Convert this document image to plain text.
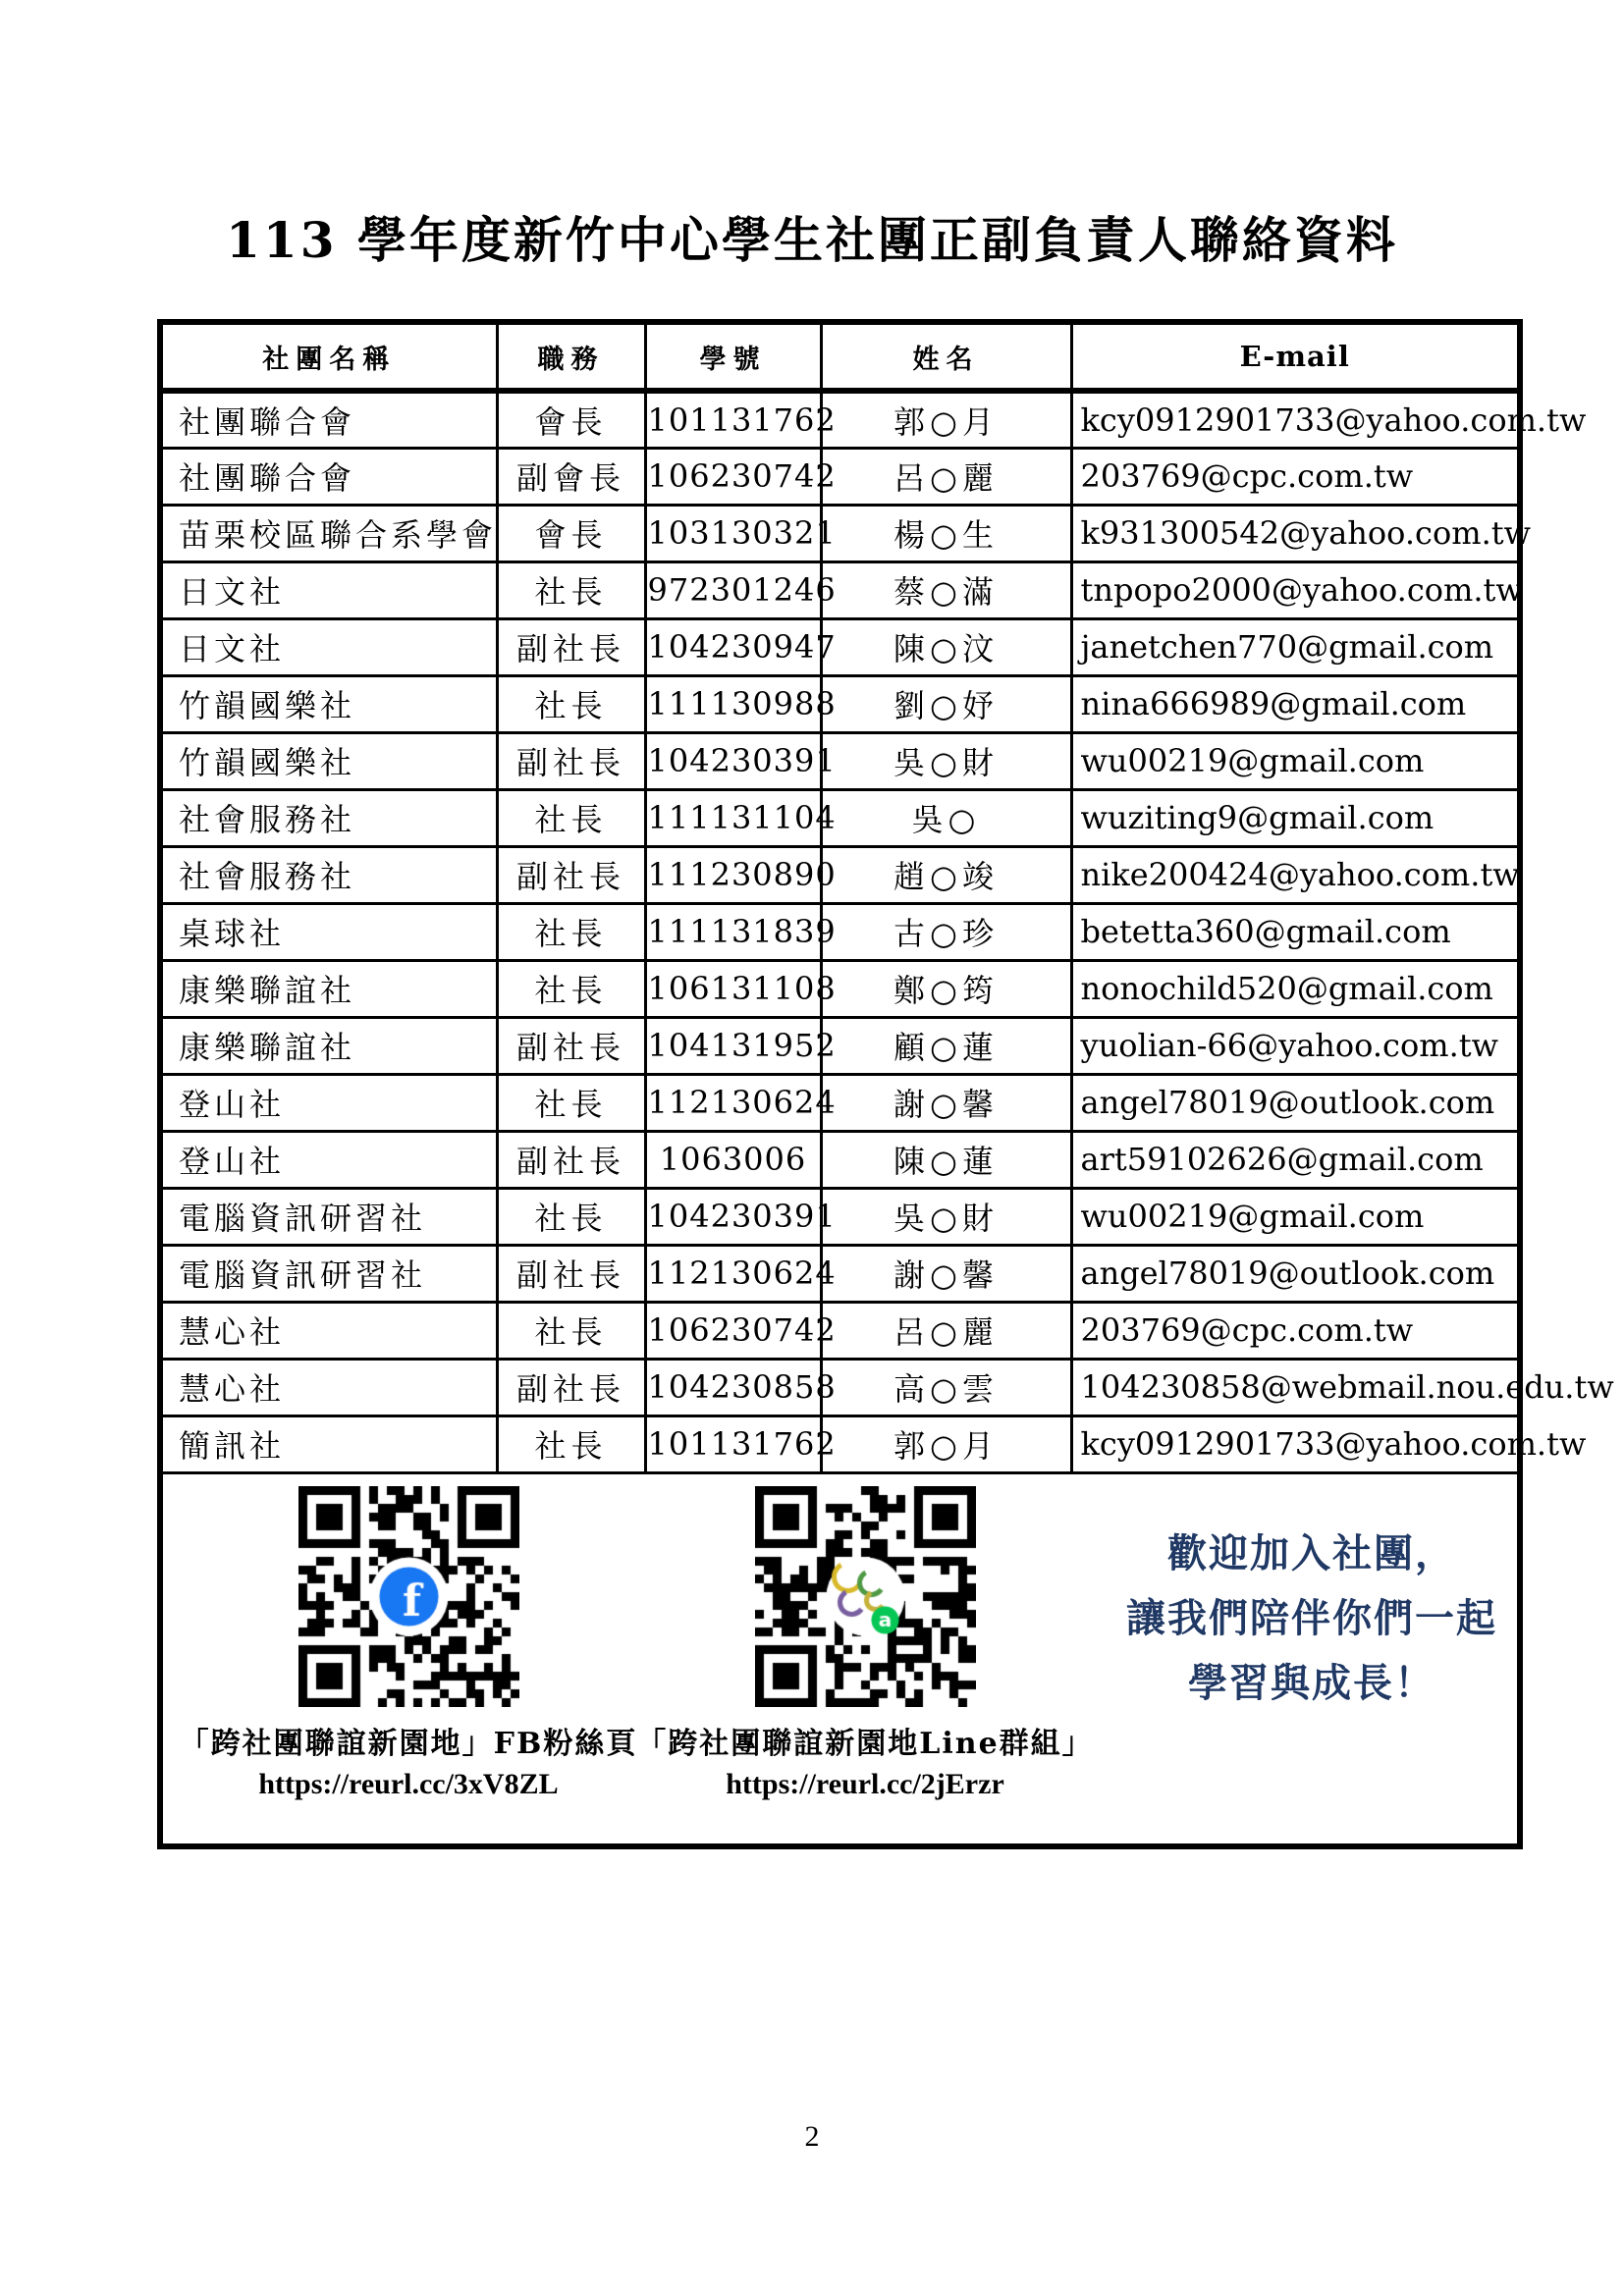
113 學年度新竹中心學生社團正副負責人聯絡資料
社團名稱	職務	學號	姓名	E-mail
社團聯合會	會長	101131762	郭○月	kcy0912901733@yahoo.com.tw
社團聯合會	副會長	106230742	呂○麗	203769@cpc.com.tw
苗栗校區聯合系學會	會長	103130321	楊○生	k931300542@yahoo.com.tw
日文社	社長	972301246	蔡○滿	tnpopo2000@yahoo.com.tw
日文社	副社長	104230947	陳○汶	janetchen770@gmail.com
竹韻國樂社	社長	111130988	劉○妤	nina666989@gmail.com
竹韻國樂社	副社長	104230391	吳○財	wu00219@gmail.com
社會服務社	社長	111131104	吳○	wuziting9@gmail.com
社會服務社	副社長	111230890	趙○竣	nike200424@yahoo.com.tw
桌球社	社長	111131839	古○珍	betetta360@gmail.com
康樂聯誼社	社長	106131108	鄭○筠	nonochild520@gmail.com
康樂聯誼社	副社長	104131952	顧○蓮	yuolian-66@yahoo.com.tw
登山社	社長	112130624	謝○馨	angel78019@outlook.com
登山社	副社長	1063006	陳○蓮	art59102626@gmail.com
電腦資訊研習社	社長	104230391	吳○財	wu00219@gmail.com
電腦資訊研習社	副社長	112130624	謝○馨	angel78019@outlook.com
慧心社	社長	106230742	呂○麗	203769@cpc.com.tw
慧心社	副社長	104230858	高○雲	104230858@webmail.nou.edu.tw
簡訊社	社長	101131762	郭○月	kcy0912901733@yahoo.com.tw

「跨社團聯誼新園地」FB粉絲頁
https://reurl.cc/3xV8ZL
「跨社團聯誼新園地Line群組」
https://reurl.cc/2jErzr
歡迎加入社團，
讓我們陪伴你們一起
學習與成長！
2
